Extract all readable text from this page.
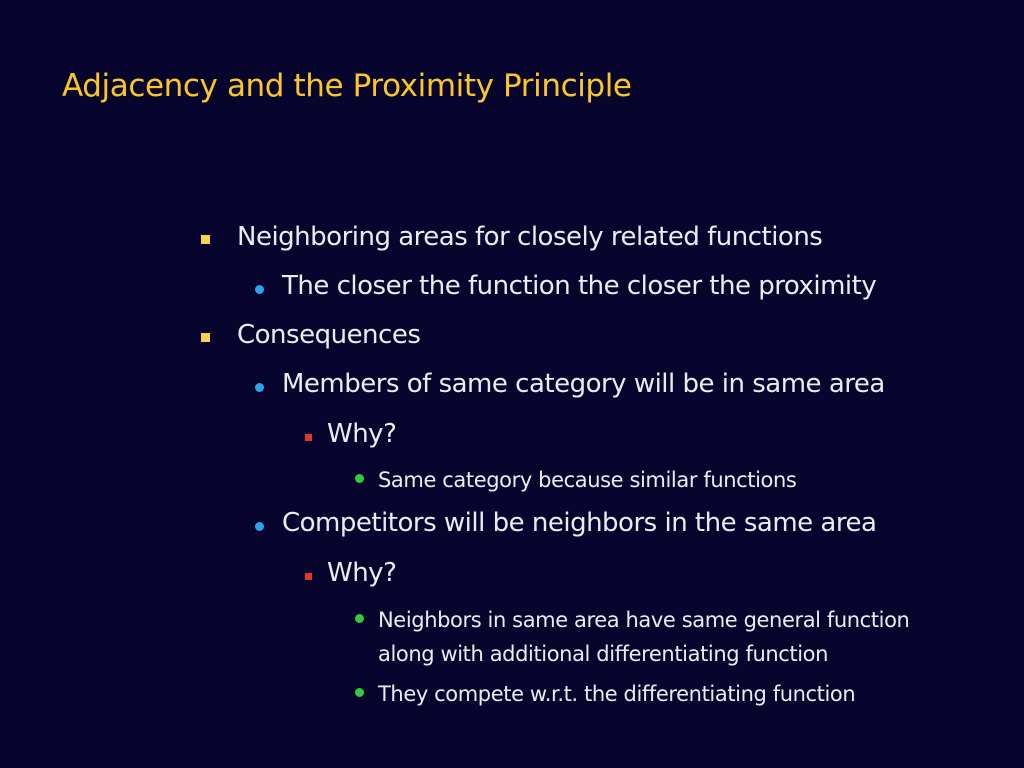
Adjacency and the Proximity Principle
Neighboring areas for closely related functions
The closer the function the closer the proximity
Consequences
Members of same category will be in same area
Why?
Same category because similar functions
Competitors will be neighbors in the same area
Why?
Neighbors in same area have same general function
along with additional differentiating function
They compete w.r.t. the differentiating function
